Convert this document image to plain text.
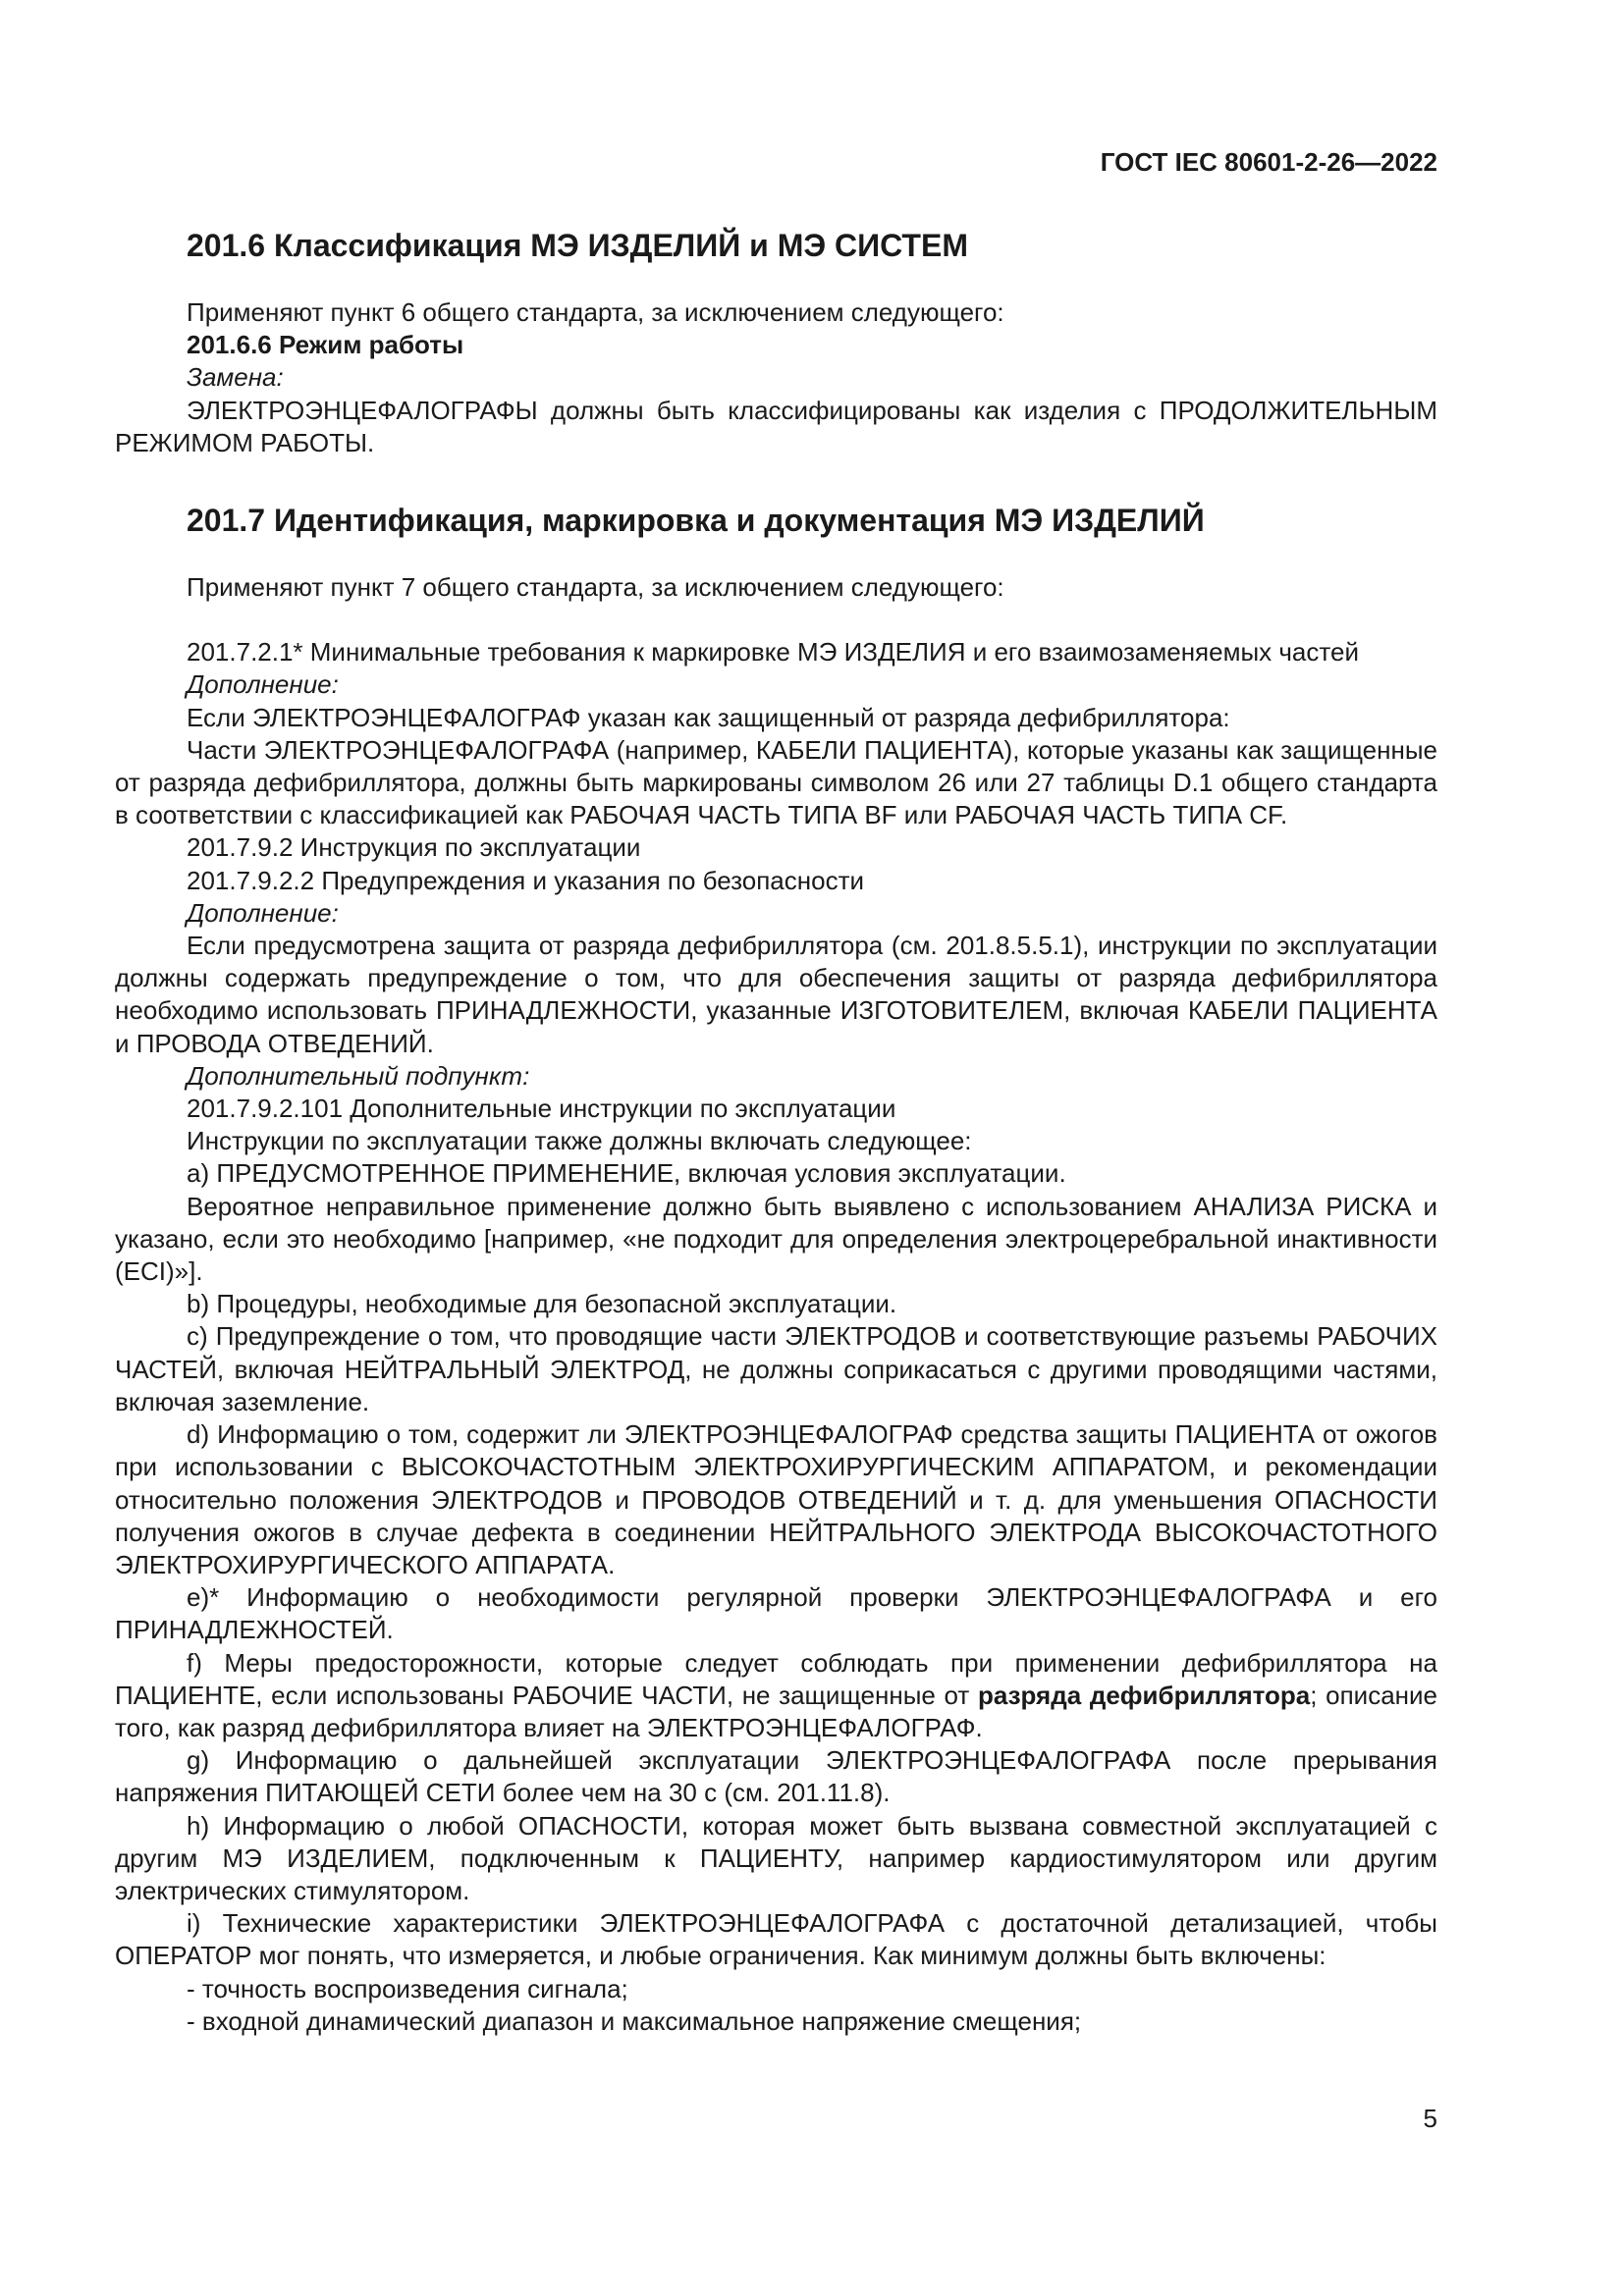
ГОСТ IEC 80601-2-26—2022
201.6 Классификация МЭ ИЗДЕЛИЙ и МЭ СИСТЕМ

Применяют пункт 6 общего стандарта, за исключением следующего:

201.6.6 Режим работы

Замена:

ЭЛЕКТРОЭНЦЕФАЛОГРАФЫ должны быть классифицированы как изделия с ПРОДОЛЖИТЕЛЬНЫМ РЕЖИМОМ РАБОТЫ.

201.7 Идентификация, маркировка и документация МЭ ИЗДЕЛИЙ

Применяют пункт 7 общего стандарта, за исключением следующего:

201.7.2.1* Минимальные требования к маркировке МЭ ИЗДЕЛИЯ и его взаимозаменяемых частей

Дополнение:

Если ЭЛЕКТРОЭНЦЕФАЛОГРАФ указан как защищенный от разряда дефибриллятора:

Части ЭЛЕКТРОЭНЦЕФАЛОГРАФА (например, КАБЕЛИ ПАЦИЕНТА), которые указаны как защищенные от разряда дефибриллятора, должны быть маркированы символом 26 или 27 таблицы D.1 общего стандарта в соответствии с классификацией как РАБОЧАЯ ЧАСТЬ ТИПА BF или РАБОЧАЯ ЧАСТЬ ТИПА CF.

201.7.9.2 Инструкция по эксплуатации

201.7.9.2.2 Предупреждения и указания по безопасности

Дополнение:

Если предусмотрена защита от разряда дефибриллятора (см. 201.8.5.5.1), инструкции по эксплуатации должны содержать предупреждение о том, что для обеспечения защиты от разряда дефибриллятора необходимо использовать ПРИНАДЛЕЖНОСТИ, указанные ИЗГОТОВИТЕЛЕМ, включая КАБЕЛИ ПАЦИЕНТА и ПРОВОДА ОТВЕДЕНИЙ.

Дополнительный подпункт:

201.7.9.2.101 Дополнительные инструкции по эксплуатации

Инструкции по эксплуатации также должны включать следующее:

a) ПРЕДУСМОТРЕННОЕ ПРИМЕНЕНИЕ, включая условия эксплуатации.

Вероятное неправильное применение должно быть выявлено с использованием АНАЛИЗА РИСКА и указано, если это необходимо [например, «не подходит для определения электроцеребральной инактивности (ECI)»].

b) Процедуры, необходимые для безопасной эксплуатации.

c) Предупреждение о том, что проводящие части ЭЛЕКТРОДОВ и соответствующие разъемы РАБОЧИХ ЧАСТЕЙ, включая НЕЙТРАЛЬНЫЙ ЭЛЕКТРОД, не должны соприкасаться с другими проводящими частями, включая заземление.

d) Информацию о том, содержит ли ЭЛЕКТРОЭНЦЕФАЛОГРАФ средства защиты ПАЦИЕНТА от ожогов при использовании с ВЫСОКОЧАСТОТНЫМ ЭЛЕКТРОХИРУРГИЧЕСКИМ АППАРАТОМ, и рекомендации относительно положения ЭЛЕКТРОДОВ и ПРОВОДОВ ОТВЕДЕНИЙ и т. д. для уменьшения ОПАСНОСТИ получения ожогов в случае дефекта в соединении НЕЙТРАЛЬНОГО ЭЛЕКТРОДА ВЫСОКОЧАСТОТНОГО ЭЛЕКТРОХИРУРГИЧЕСКОГО АППАРАТА.

e)* Информацию о необходимости регулярной проверки ЭЛЕКТРОЭНЦЕФАЛОГРАФА и его ПРИНАДЛЕЖНОСТЕЙ.

f) Меры предосторожности, которые следует соблюдать при применении дефибриллятора на ПАЦИЕНТЕ, если использованы РАБОЧИЕ ЧАСТИ, не защищенные от разряда дефибриллятора; описание того, как разряд дефибриллятора влияет на ЭЛЕКТРОЭНЦЕФАЛОГРАФ.

g) Информацию о дальнейшей эксплуатации ЭЛЕКТРОЭНЦЕФАЛОГРАФА после прерывания напряжения ПИТАЮЩЕЙ СЕТИ более чем на 30 с (см. 201.11.8).

h) Информацию о любой ОПАСНОСТИ, которая может быть вызвана совместной эксплуатацией с другим МЭ ИЗДЕЛИЕМ, подключенным к ПАЦИЕНТУ, например кардиостимулятором или другим электрических стимулятором.

i) Технические характеристики ЭЛЕКТРОЭНЦЕФАЛОГРАФА с достаточной детализацией, чтобы ОПЕРАТОР мог понять, что измеряется, и любые ограничения. Как минимум должны быть включены:

- точность воспроизведения сигнала;

- входной динамический диапазон и максимальное напряжение смещения;

5
